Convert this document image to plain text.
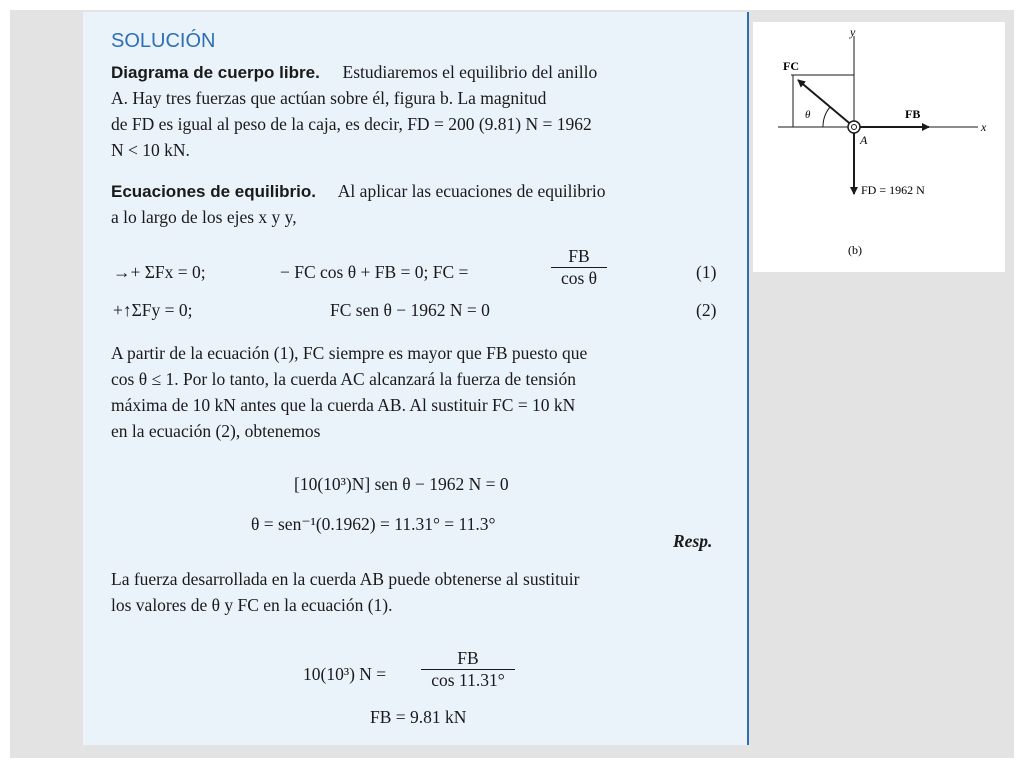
SOLUCIÓN
Diagrama de cuerpo libre. Estudiaremos el equilibrio del anillo
A. Hay tres fuerzas que actúan sobre él, figura b. La magnitud
de FD es igual al peso de la caja, es decir, FD = 200 (9.81) N = 1962
N < 10 kN.
Ecuaciones de equilibrio. Al aplicar las ecuaciones de equilibrio
a lo largo de los ejes x y y,
→+ ΣFx = 0;	− FC cos θ + FB = 0; FC =	$\frac{FB}{\text{cos θ}}$	(1)
+↑ΣFy = 0;	FC sen θ − 1962 N = 0	(2)
A partir de la ecuación (1), FC siempre es mayor que FB puesto que
cos θ ≤ 1. Por lo tanto, la cuerda AC alcanzará la fuerza de tensión
máxima de 10 kN antes que la cuerda AB. Al sustituir FC = 10 kN
en la ecuación (2), obtenemos
[10(10³)N] sen θ − 1962 N = 0
θ = sen⁻¹(0.1962) = 11.31° = 11.3°
Resp.
La fuerza desarrollada en la cuerda AB puede obtenerse al sustituir
los valores de θ y FC en la ecuación (1).
10(10³) $N = \frac{FB}{\cos 11.31^\circ}$
FB = 9.81 kN
y
x
FC
FB
θ
A
FD = 1962 N
(b)
